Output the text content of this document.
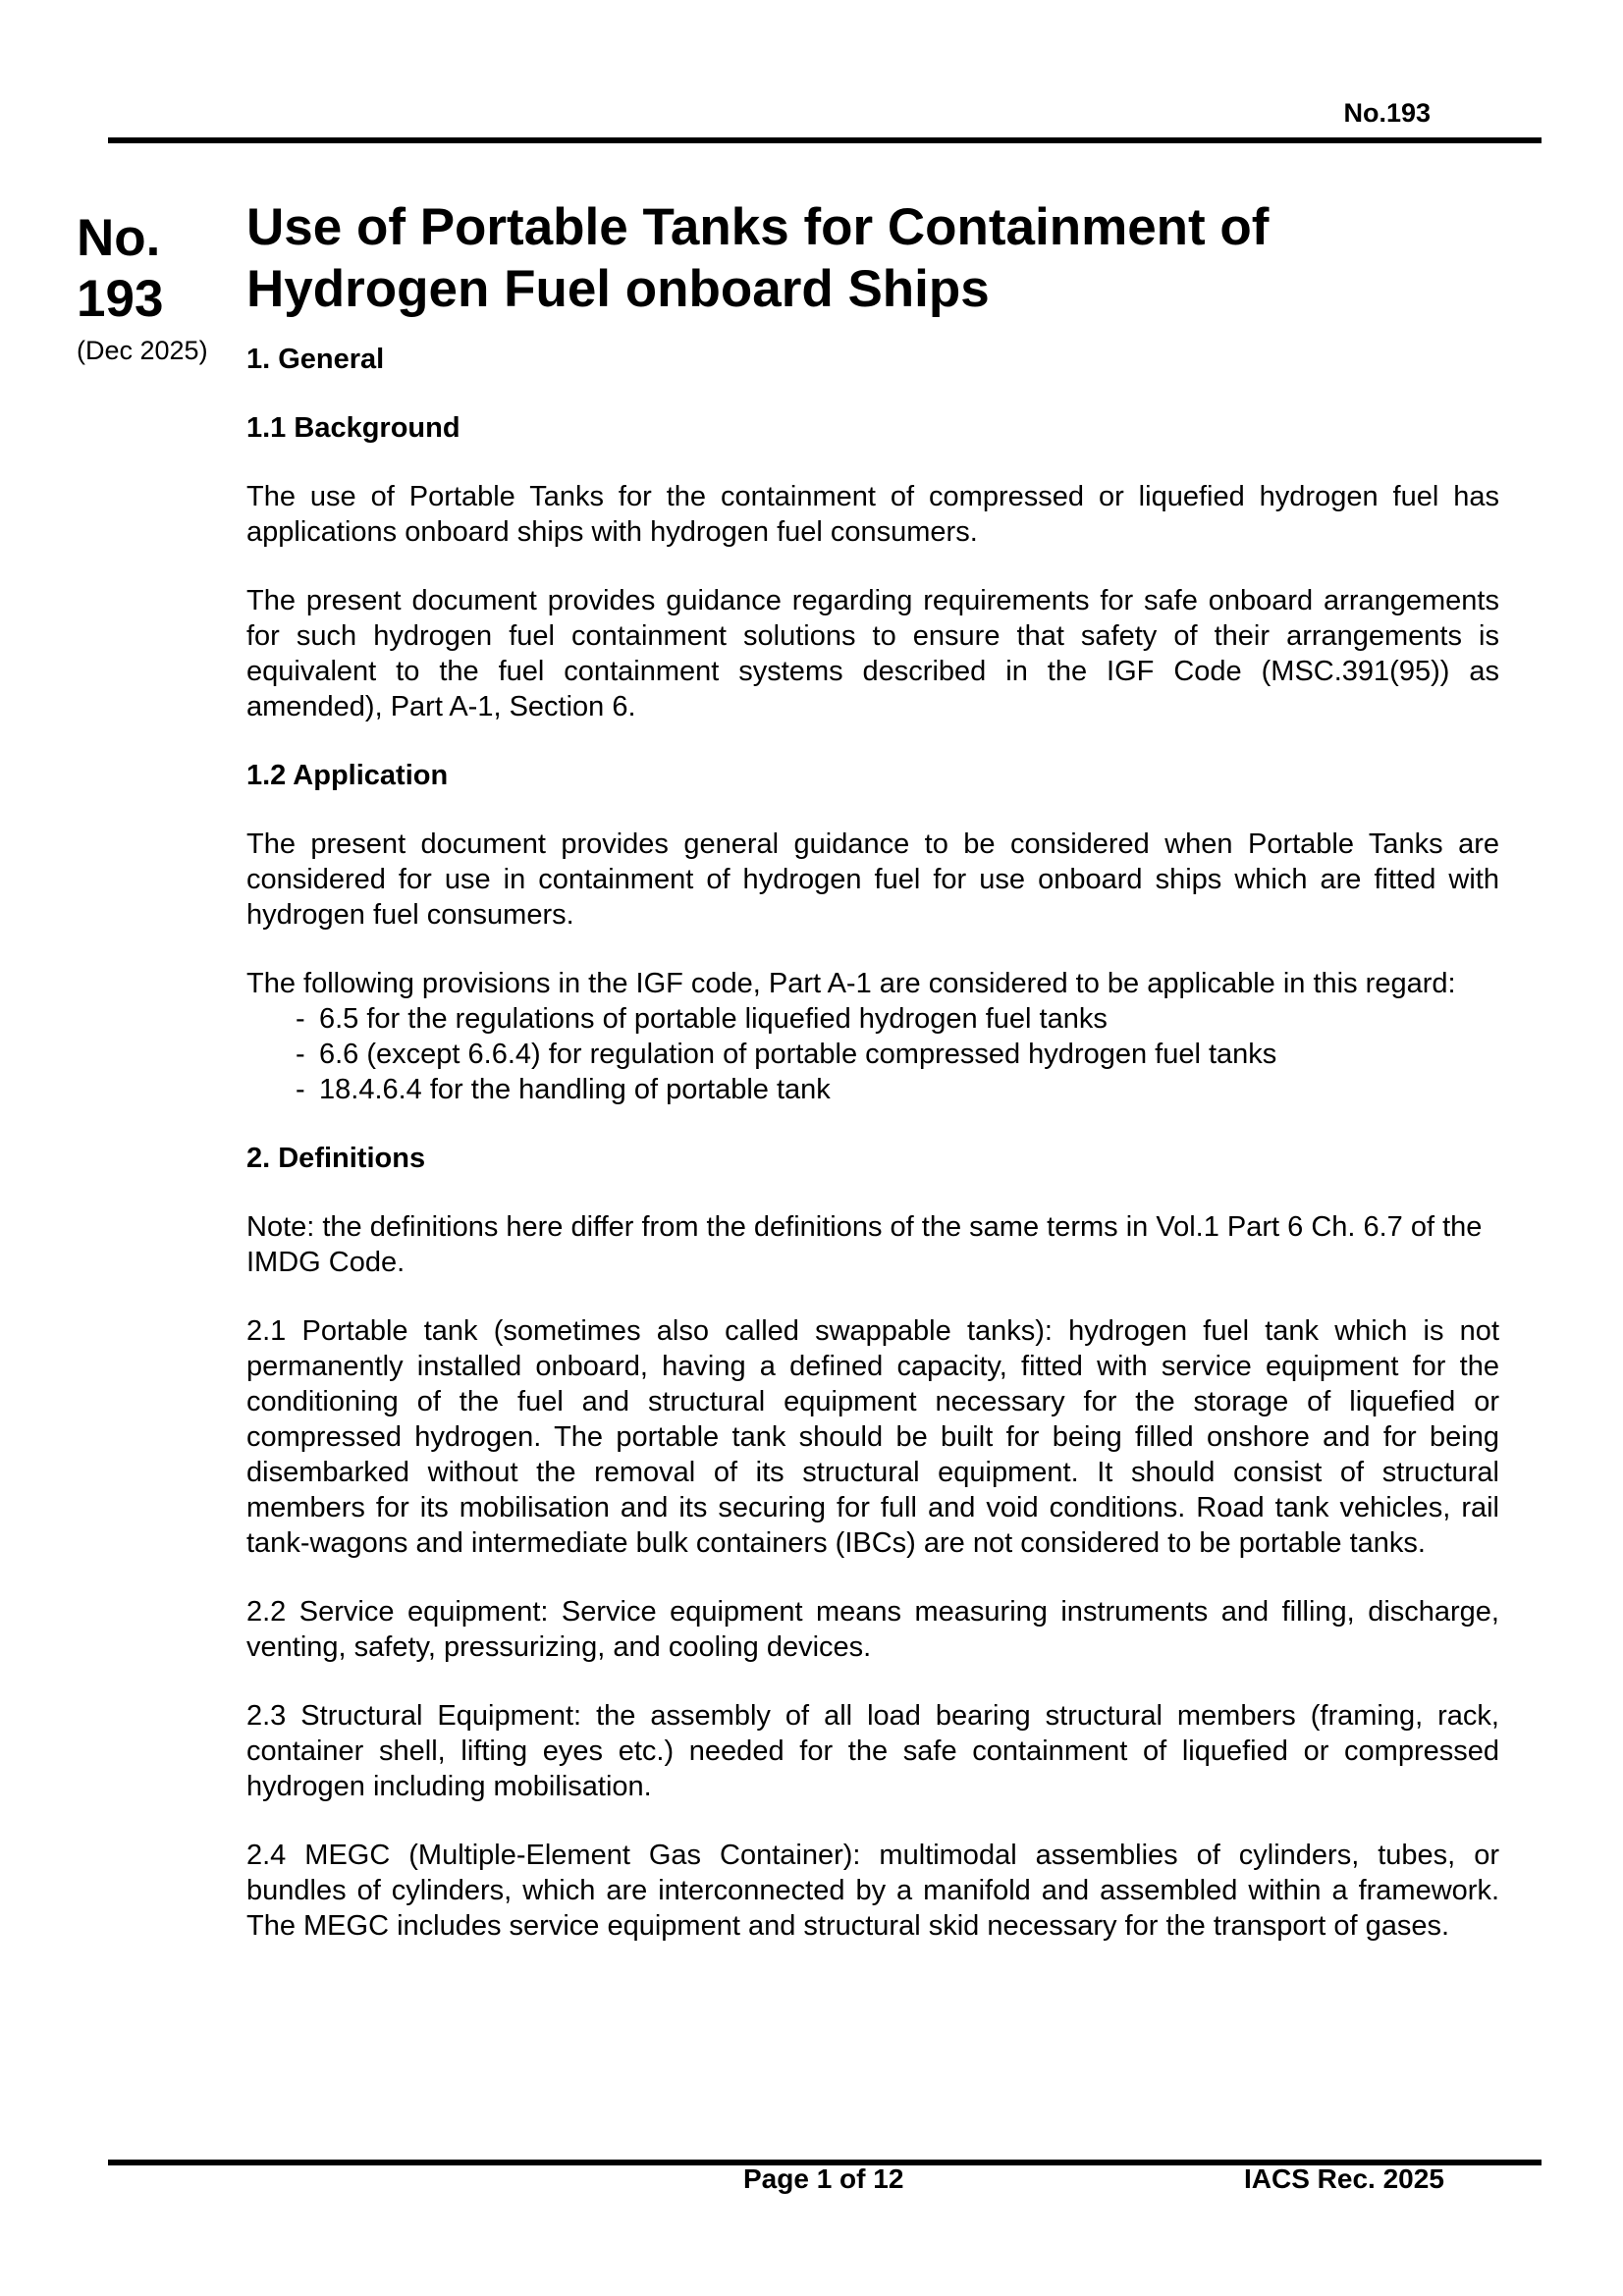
No.193
No.
193
(Dec 2025)
Use of Portable Tanks for Containment of
Hydrogen Fuel onboard Ships
1. General
1.1 Background

The use of Portable Tanks for the containment of compressed or liquefied hydrogen fuel has applications onboard ships with hydrogen fuel consumers.

The present document provides guidance regarding requirements for safe onboard arrangements for such hydrogen fuel containment solutions to ensure that safety of their arrangements is equivalent to the fuel containment systems described in the IGF Code (MSC.391(95)) as amended), Part A-1, Section 6.

1.2 Application

The present document provides general guidance to be considered when Portable Tanks are considered for use in containment of hydrogen fuel for use onboard ships which are fitted with hydrogen fuel consumers.

The following provisions in the IGF code, Part A-1 are considered to be applicable in this regard:

- 6.5 for the regulations of portable liquefied hydrogen fuel tanks
- 6.6 (except 6.6.4) for regulation of portable compressed hydrogen fuel tanks
- 18.4.6.4 for the handling of portable tank
2. Definitions

Note: the definitions here differ from the definitions of the same terms in Vol.1 Part 6 Ch. 6.7 of the IMDG Code.

2.1 Portable tank (sometimes also called swappable tanks): hydrogen fuel tank which is not permanently installed onboard, having a defined capacity, fitted with service equipment for the conditioning of the fuel and structural equipment necessary for the storage of liquefied or compressed hydrogen. The portable tank should be built for being filled onshore and for being disembarked without the removal of its structural equipment. It should consist of structural members for its mobilisation and its securing for full and void conditions. Road tank vehicles, rail tank-wagons and intermediate bulk containers (IBCs) are not considered to be portable tanks.

2.2 Service equipment: Service equipment means measuring instruments and filling, discharge, venting, safety, pressurizing, and cooling devices.

2.3 Structural Equipment: the assembly of all load bearing structural members (framing, rack, container shell, lifting eyes etc.) needed for the safe containment of liquefied or compressed hydrogen including mobilisation.

2.4 MEGC (Multiple-Element Gas Container): multimodal assemblies of cylinders, tubes, or bundles of cylinders, which are interconnected by a manifold and assembled within a framework. The MEGC includes service equipment and structural skid necessary for the transport of gases.

Page 1 of 12	IACS Rec. 2025
